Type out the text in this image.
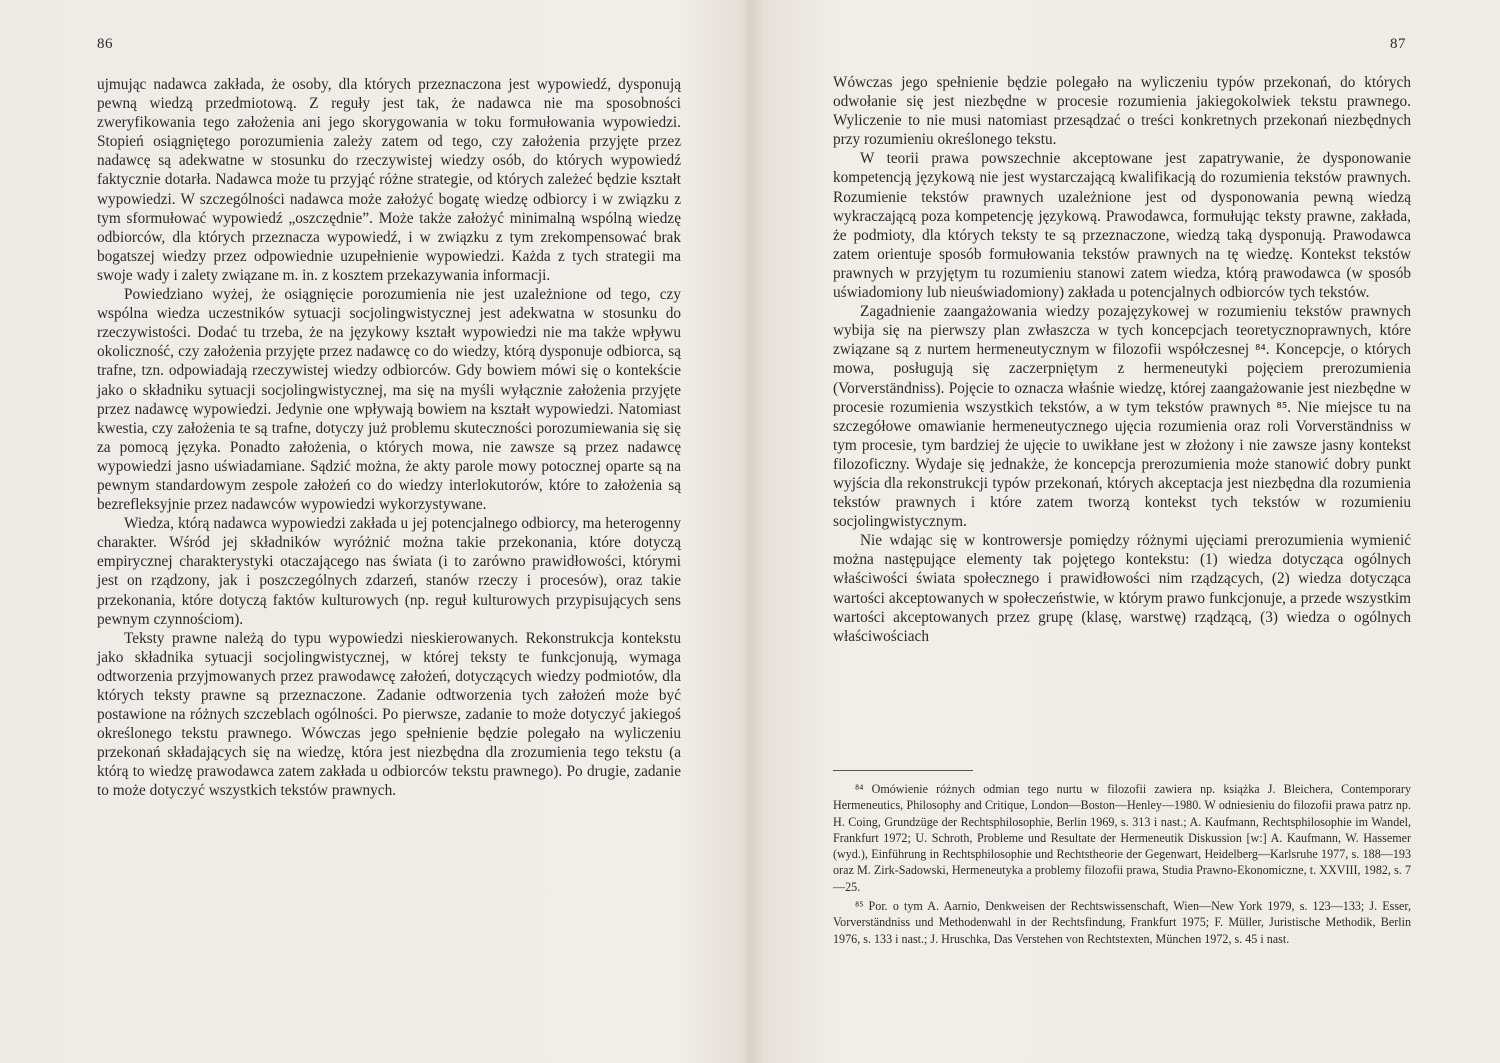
86

ujmując nadawca zakłada, że osoby, dla których przeznaczona jest wypowiedź, dysponują pewną wiedzą przedmiotową. Z reguły jest tak, że nadawca nie ma sposobności zweryfikowania tego założenia ani jego skorygowania w toku formułowania wypowiedzi. Stopień osiągniętego porozumienia zależy zatem od tego, czy założenia przyjęte przez nadawcę są adekwatne w stosunku do rzeczywistej wiedzy osób, do których wypowiedź faktycznie dotarła. Nadawca może tu przyjąć różne strategie, od których zależeć będzie kształt wypowiedzi. W szczególności nadawca może założyć bogatę wiedzę odbiorcy i w związku z tym sformułować wypowiedź „oszczędnie”. Może także założyć minimalną wspólną wiedzę odbiorców, dla których przeznacza wypowiedź, i w związku z tym zrekompensować brak bogatszej wiedzy przez odpowiednie uzupełnienie wypowiedzi. Każda z tych strategii ma swoje wady i zalety związane m. in. z kosztem przekazywania informacji.

Powiedziano wyżej, że osiągnięcie porozumienia nie jest uzależnione od tego, czy wspólna wiedza uczestników sytuacji socjolingwistycznej jest adekwatna w stosunku do rzeczywistości. Dodać tu trzeba, że na językowy kształt wypowiedzi nie ma także wpływu okoliczność, czy założenia przyjęte przez nadawcę co do wiedzy, którą dysponuje odbiorca, są trafne, tzn. odpowiadają rzeczywistej wiedzy odbiorców. Gdy bowiem mówi się o kontekście jako o składniku sytuacji socjolingwistycznej, ma się na myśli wyłącznie założenia przyjęte przez nadawcę wypowiedzi. Jedynie one wpływają bowiem na kształt wypowiedzi. Natomiast kwestia, czy założenia te są trafne, dotyczy już problemu skuteczności porozumiewania się się za pomocą języka. Ponadto założenia, o których mowa, nie zawsze są przez nadawcę wypowiedzi jasno uświadamiane. Sądzić można, że akty parole mowy potocznej oparte są na pewnym standardowym zespole założeń co do wiedzy interlokutorów, które to założenia są bezrefleksyjnie przez nadawców wypowiedzi wykorzystywane.

Wiedza, którą nadawca wypowiedzi zakłada u jej potencjalnego odbiorcy, ma heterogenny charakter. Wśród jej składników wyróżnić można takie przekonania, które dotyczą empirycznej charakterystyki otaczającego nas świata (i to zarówno prawidłowości, którymi jest on rządzony, jak i poszczególnych zdarzeń, stanów rzeczy i procesów), oraz takie przekonania, które dotyczą faktów kulturowych (np. reguł kulturowych przypisujących sens pewnym czynnościom).

Teksty prawne należą do typu wypowiedzi nieskierowanych. Rekonstrukcja kontekstu jako składnika sytuacji socjolingwistycznej, w której teksty te funkcjonują, wymaga odtworzenia przyjmowanych przez prawodawcę założeń, dotyczących wiedzy podmiotów, dla których teksty prawne są przeznaczone. Zadanie odtworzenia tych założeń może być postawione na różnych szczeblach ogólności. Po pierwsze, zadanie to może dotyczyć jakiegoś określonego tekstu prawnego. Wówczas jego spełnienie będzie polegało na wyliczeniu przekonań składających się na wiedzę, która jest niezbędna dla zrozumienia tego tekstu (a którą to wiedzę prawodawca zatem zakłada u odbiorców tekstu prawnego). Po drugie, zadanie to może dotyczyć wszystkich tekstów prawnych.

87

Wówczas jego spełnienie będzie polegało na wyliczeniu typów przekonań, do których odwołanie się jest niezbędne w procesie rozumienia jakiegokolwiek tekstu prawnego. Wyliczenie to nie musi natomiast przesądzać o treści konkretnych przekonań niezbędnych przy rozumieniu określonego tekstu.

W teorii prawa powszechnie akceptowane jest zapatrywanie, że dysponowanie kompetencją językową nie jest wystarczającą kwalifikacją do rozumienia tekstów prawnych. Rozumienie tekstów prawnych uzależnione jest od dysponowania pewną wiedzą wykraczającą poza kompetencję językową. Prawodawca, formułując teksty prawne, zakłada, że podmioty, dla których teksty te są przeznaczone, wiedzą taką dysponują. Prawodawca zatem orientuje sposób formułowania tekstów prawnych na tę wiedzę. Kontekst tekstów prawnych w przyjętym tu rozumieniu stanowi zatem wiedza, którą prawodawca (w sposób uświadomiony lub nieuświadomiony) zakłada u potencjalnych odbiorców tych tekstów.

Zagadnienie zaangażowania wiedzy pozajęzykowej w rozumieniu tekstów prawnych wybija się na pierwszy plan zwłaszcza w tych koncepcjach teoretycznoprawnych, które związane są z nurtem hermeneutycznym w filozofii współczesnej ⁸⁴. Koncepcje, o których mowa, posługują się zaczerpniętym z hermeneutyki pojęciem prerozumienia (Vorverständniss). Pojęcie to oznacza właśnie wiedzę, której zaangażowanie jest niezbędne w procesie rozumienia wszystkich tekstów, a w tym tekstów prawnych ⁸⁵. Nie miejsce tu na szczegółowe omawianie hermeneutycznego ujęcia rozumienia oraz roli Vorverständniss w tym procesie, tym bardziej że ujęcie to uwikłane jest w złożony i nie zawsze jasny kontekst filozoficzny. Wydaje się jednakże, że koncepcja prerozumienia może stanowić dobry punkt wyjścia dla rekonstrukcji typów przekonań, których akceptacja jest niezbędna dla rozumienia tekstów prawnych i które zatem tworzą kontekst tych tekstów w rozumieniu socjolingwistycznym.

Nie wdając się w kontrowersje pomiędzy różnymi ujęciami prerozumienia wymienić można następujące elementy tak pojętego kontekstu: (1) wiedza dotycząca ogólnych właściwości świata społecznego i prawidłowości nim rządzących, (2) wiedza dotycząca wartości akceptowanych w społeczeństwie, w którym prawo funkcjonuje, a przede wszystkim wartości akceptowanych przez grupę (klasę, warstwę) rządzącą, (3) wiedza o ogólnych właściwościach

⁸⁴ Omówienie różnych odmian tego nurtu w filozofii zawiera np. książka J. Bleichera, Contemporary Hermeneutics, Philosophy and Critique, London—Boston—Henley—1980. W odniesieniu do filozofii prawa patrz np. H. Coing, Grundzüge der Rechtsphilosophie, Berlin 1969, s. 313 i nast.; A. Kaufmann, Rechtsphilosophie im Wandel, Frankfurt 1972; U. Schroth, Probleme und Resultate der Hermeneutik Diskussion [w:] A. Kaufmann, W. Hassemer (wyd.), Einführung in Rechtsphilosophie und Rechtstheorie der Gegenwart, Heidelberg—Karlsruhe 1977, s. 188—193 oraz M. Zirk-Sadowski, Hermeneutyka a problemy filozofii prawa, Studia Prawno-Ekonomiczne, t. XXVIII, 1982, s. 7—25.

⁸⁵ Por. o tym A. Aarnio, Denkweisen der Rechtswissenschaft, Wien—New York 1979, s. 123—133; J. Esser, Vorverständniss und Methodenwahl in der Rechtsfindung, Frankfurt 1975; F. Müller, Juristische Methodik, Berlin 1976, s. 133 i nast.; J. Hruschka, Das Verstehen von Rechtstexten, München 1972, s. 45 i nast.
